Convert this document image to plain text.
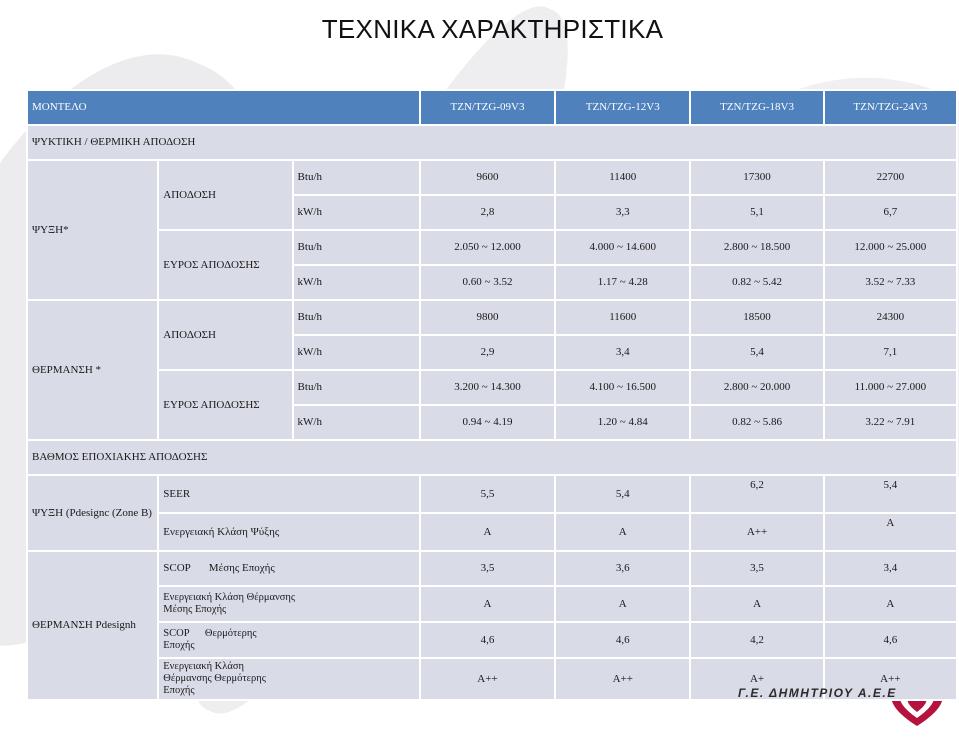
ΤΕΧΝΙΚΑ ΧΑΡΑΚΤΗΡΙΣΤΙΚΑ
ΜΟΝΤΕΛΟ			TZN/TZG-09V3	TZN/TZG-12V3	TZN/TZG-18V3	TZN/TZG-24V3
ΨΥΚΤΙΚΗ / ΘΕΡΜΙΚΗ ΑΠΟΔΟΣΗ						
ΨΥΞΗ*	ΑΠΟΔΟΣΗ	Btu/h	9600	11400	17300	22700
		kW/h	2,8	3,3	5,1	6,7
	ΕΥΡΟΣ ΑΠΟΔΟΣΗΣ	Btu/h	2.050 ~ 12.000	4.000 ~ 14.600	2.800 ~ 18.500	12.000 ~ 25.000
		kW/h	0.60 ~ 3.52	1.17 ~ 4.28	0.82 ~ 5.42	3.52 ~ 7.33
ΘΕΡΜΑΝΣΗ *	ΑΠΟΔΟΣΗ	Btu/h	9800	11600	18500	24300
		kW/h	2,9	3,4	5,4	7,1
	ΕΥΡΟΣ ΑΠΟΔΟΣΗΣ	Btu/h	3.200 ~ 14.300	4.100 ~ 16.500	2.800 ~ 20.000	11.000 ~ 27.000
		kW/h	0.94 ~ 4.19	1.20 ~ 4.84	0.82 ~ 5.86	3.22 ~ 7.91
ΒΑΘΜΟΣ ΕΠΟΧΙΑΚΗΣ ΑΠΟΔΟΣΗΣ						
ΨΥΞΗ (Pdesignc (Zone B)	SEER		5,5	5,4	6,2	5,4
	Ενεργειακή Κλάση Ψύξης		A	A	A++	A
ΘΕΡΜΑΝΣΗ Pdesignh	SCOP Μέσης Εποχής		3,5	3,6	3,5	3,4
	Ενεργειακή Κλάση Θέρμανσης Μέσης Εποχής		A	A	A	A
	SCOP      Θερμότερης Εποχής		4,6	4,6	4,2	4,6
	Ενεργειακή Κλάση Θέρμανσης Θερμότερης Εποχής		A++	A++	A+	A++
Γ.Ε. ΔΗΜΗΤΡΙΟΥ Α.Ε.Ε
